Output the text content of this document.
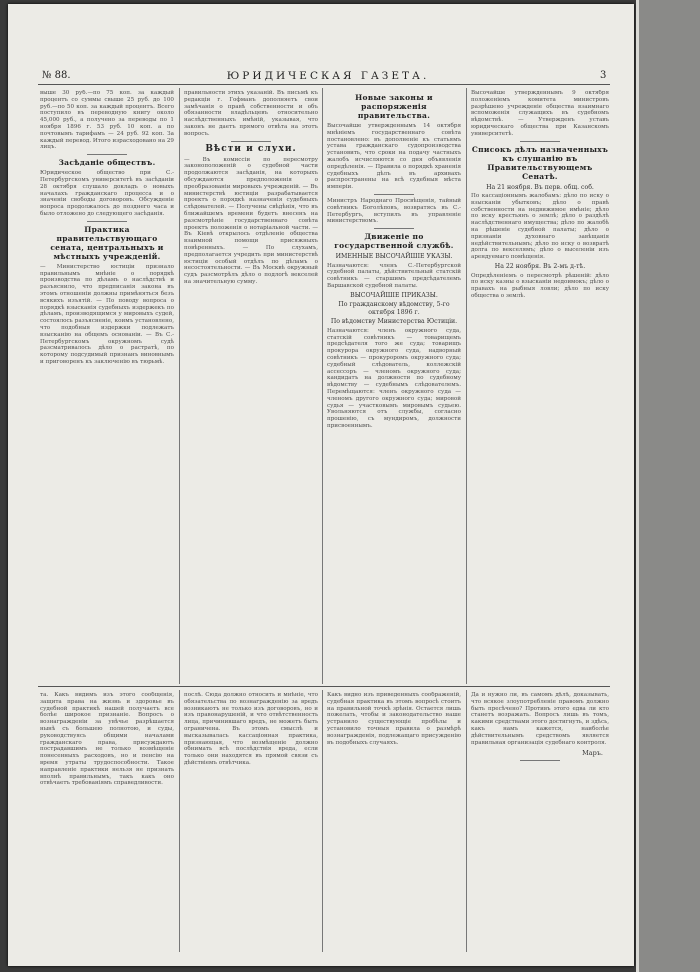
№ 88.	ЮРИДИЧЕСКАЯ ГАЗЕТА.	3

выше 30 руб.—по 75 коп. за каждый процентъ со суммы свыше 25 руб. до 100 руб.—по 50 коп. за каждый процентъ. Всего поступило въ переводную книгу около 45,000 руб., а получено за переводы по 1 ноября 1896 г. 53 руб. 10 коп. а по почтовымъ тарифамъ — 24 руб. 92 коп. За каждый перевод. Итого израсходовано на 29 лицъ.

Засѣданіе обществъ.

Юридическое общество при С.-Петербургскомъ университетѣ въ засѣданіи 28 октября слушало докладъ о новыхъ началахъ гражданскаго процесса и о значеніи свободы договоровъ. Обсужденіе вопроса продолжалось до позднего часа и было отложено до следующего засѣданія.

Практика правительствующаго сената, центральныхъ и мѣстныхъ учрежденій.

— Министерство юстиціи признало правильнымъ мнѣніе о порядкѣ производства по дѣламъ о наслѣдствѣ и разъяснило, что предписанія закона въ этомъ отношеніи должны примѣняться безъ всякихъ изъятій. — По поводу вопроса о порядкѣ взысканія судебныхъ издержекъ по дѣламъ, производящимся у мировыхъ судей, состоялось разъясненіе, коимъ установлено, что подобныя издержки подлежатъ взысканію на общемъ основаніи. — Въ С.-Петербургскомъ окружномъ судѣ разсматривалось дѣло о растратѣ, по которому подсудимый признанъ виновнымъ и приговоренъ къ заключенію въ тюрьмѣ.

правильности этихъ указаній. Въ письмѣ къ редакціи г. Гофманъ дополняетъ свои замѣчанія о правѣ собственности и объ обязанности владѣльцевъ относительно наслѣдственныхъ имѣній, указывая, что законъ не даетъ прямого отвѣта на этотъ вопросъ.

Вѣсти и слухи.

— Въ комиссіи по пересмотру законоположеній о судебной части продолжаются засѣданія, на которыхъ обсуждаются предположенія о преобразованіи мировыхъ учрежденій. — Въ министерствѣ юстиціи разрабатывается проектъ о порядкѣ назначенія судебныхъ слѣдователей. — Получены свѣдѣнія, что въ ближайшемъ времени будетъ внесенъ на разсмотрѣніе государственнаго совѣта проектъ положенія о нотаріальной части. — Въ Кіевѣ открылось отдѣленіе общества взаимной помощи присяжныхъ повѣренныхъ. — По слухамъ, предполагается учредить при министерствѣ юстиціи особый отдѣлъ по дѣламъ о несостоятельности. — Въ Москвѣ окружный судъ разсмотрѣлъ дѣло о подлогѣ векселей на значительную сумму.

Новые законы и распоряженія правительства.

Высочайше утвержденнымъ 14 октября мнѣніемъ государственнаго совѣта постановлено: въ дополненіе къ статьямъ устава гражданскаго судопроизводства установить, что сроки на подачу частныхъ жалобъ исчисляются со дня объявленія опредѣленія. — Правила о порядкѣ храненія судебныхъ дѣлъ въ архивахъ распространены на всѣ судебныя мѣста имперіи.

Министръ Народнаго Просвѣщенія, тайный совѣтникъ Боголѣповъ, возвратясь въ С.-Петербургъ, вступилъ въ управленіе министерствомъ.

Движеніе по государственной службѣ.
ИМЕННЫЕ ВЫСОЧАЙШІЕ УКАЗЫ.

Назначаются: членъ С.-Петербургской судебной палаты, дѣйствительный статскій совѣтникъ — старшимъ предсѣдателемъ Варшавской судебной палаты.

ВЫСОЧАЙШІЕ ПРИКАЗЫ.
По гражданскому вѣдомству, 5-го октября 1896 г.
По вѣдомству Министерства Юстиціи.

Назначаются: членъ окружного суда, статскій совѣтникъ — товарищемъ предсѣдателя того же суда; товарищъ прокурора окружного суда, надворный совѣтникъ — прокуроромъ окружного суда; судебный слѣдователь, коллежскій ассессоръ — членомъ окружного суда; кандидатъ на должности по судебному вѣдомству — судебнымъ слѣдователемъ. Перемѣщаются: членъ окружного суда — членомъ другого окружного суда; мировой судья — участковымъ мировымъ судьею. Увольняются отъ службы, согласно прошенію, съ мундиромъ, должности присвоеннымъ.

Высочайше утвержденнымъ 9 октября положеніемъ комитета министровъ разрѣшено учрежденіе общества взаимнаго вспоможенія служащихъ въ судебномъ вѣдомствѣ. — Утвержденъ уставъ юридическаго общества при Казанскомъ университетѣ.

Списокъ дѣлъ назначенныхъ къ слушанію въ Правительствующемъ Сенатѣ.
На 21 ноября. Въ перв. общ. соб.

По кассаціоннымъ жалобамъ: дѣло по иску о взысканіи убытковъ; дѣло о правѣ собственности на недвижимое имѣніе; дѣло по иску крестьянъ о землѣ; дѣло о раздѣлѣ наслѣдственнаго имущества; дѣло по жалобѣ на рѣшеніе судебной палаты; дѣло о признаніи духовнаго завѣщанія недѣйствительнымъ; дѣло по иску о возвратѣ долга по векселямъ; дѣло о выселеніи изъ арендуемаго помѣщенія.

На 22 ноября. Въ 2-мъ д-тѣ.

Опредѣленіемъ о пересмотрѣ рѣшеній: дѣло по иску казны о взысканіи недоимокъ; дѣло о правахъ на рыбныя ловли; дѣло по иску общества о землѣ.

та. Какъ видимъ изъ этого сообщенія, защита права на жизнь и здоровье въ судебной практикѣ нашей получаетъ все болѣе широкое признаніе. Вопросъ о вознагражденіи за увѣчье разрѣшается нынѣ съ большею полнотою, и суды, руководствуясь общими началами гражданскаго права, присуждаютъ пострадавшимъ не только возмѣщеніе понесенныхъ расходовъ, но и пенсію на время утраты трудоспособности. Такое направленіе практики нельзя не признать вполнѣ правильнымъ, такъ какъ оно отвѣчаетъ требованіямъ справедливости.

послѣ. Сюда должно относить и мнѣніе, что обязательства по вознагражденію за вредъ возникаютъ не только изъ договоровъ, но и изъ правонарушеній, и что отвѣтственность лица, причинившаго вредъ, не можетъ быть ограничена. Въ этомъ смыслѣ и высказывалась кассаціонная практика, признающая, что возмѣщеніе должно обнимать всѣ послѣдствія вреда, если только они находятся въ прямой связи съ дѣйствіемъ отвѣтчика.

Какъ видно изъ приведенныхъ соображеній, судебная практика въ этомъ вопросѣ стоитъ на правильной точкѣ зрѣнія. Остается лишь пожелать, чтобы и законодательство наше устранило существующіе пробѣлы и установило точныя правила о размѣрѣ вознагражденія, подлежащаго присужденію въ подобныхъ случаяхъ.

Да и нужно ли, въ самомъ дѣлѣ, доказывать, что всякое злоупотребленіе правомъ должно быть пресѣчено? Противъ этого едва ли кто станетъ возражать. Вопросъ лишь въ томъ, какими средствами этого достигнуть, и здѣсь, какъ намъ кажется, наиболѣе дѣйствительнымъ средствомъ является правильная организація судебнаго контроля.

Маръ.
